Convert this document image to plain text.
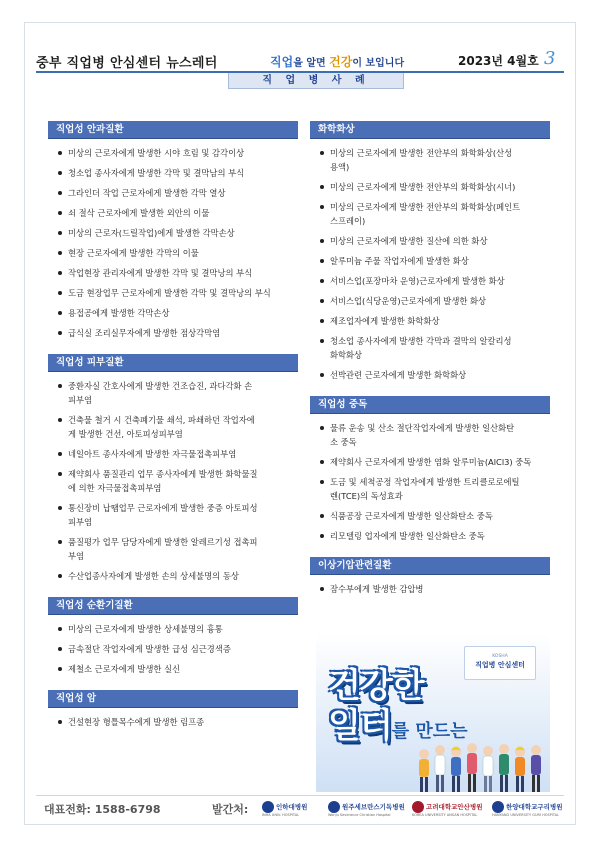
중부 직업병 안심센터 뉴스레터	직업을 알면 건강이 보입니다	2023년 4월호 3
직 업 병 사 례
직업성 안과질환
미상의 근로자에게 발생한 시야 흐림 및 감각이상
청소업 종사자에게 발생한 각막 및 결막남의 부식
그라인더 작업 근로자에게 발생한 각막 열상
쇠 절삭 근로자에게 발생한 외안의 이물
미상의 근로자(드릴작업)에게 발생한 각막손상
현장 근로자에게 발생한 각막의 이물
작업현장 관리자에게 발생한 각막 및 결막낭의 부식
도금 현장업무 근로자에게 발생한 각막 및 결막낭의 부식
용접공에게 발생한 각막손상
급식실 조리실무자에게 발생한 점상각막염
직업성 피부질환
중환자실 간호사에게 발생한 건조습진, 과다각화 손
피부염
건축물 철거 시 건축폐기물 쇄석, 파쇄하던 작업자에
게 발생한 건선, 아토피성피부염
네일아트 종사자에게 발생한 자극물접촉피부염
제약회사 품질관리 업무 종사자에게 발생한 화학물질
에 의한 자극물접촉피부염
통신장비 납땜업무 근로자에게 발생한 중증 아토피성
피부염
품질평가 업무 담당자에게 발생한 알레르기성 접촉피
부염
수산업종사자에게 발생한 손의 상세불명의 동상
직업성 순환기질환
미상의 근로자에게 발생한 상세불명의 흉통
금속절단 작업자에게 발생한 급성 심근경색증
제철소 근로자에게 발생한 실신
직업성 암
건설현장 형틀목수에게 발생한 림프종
화학화상
미상의 근로자에게 발생한 전안부의 화학화상(산성
용액)
미상의 근로자에게 발생한 전안부의 화학화상(시너)
미상의 근로자에게 발생한 전안부의 화학화상(페인트
스프레이)
미상의 근로자에게 발생한 질산에 의한 화상
알루미늄 주물 작업자에게 발생한 화상
서비스업(포장마차 운영)근로자에게 발생한 화상
서비스업(식당운영)근로자에게 발생한 화상
제조업자에게 발생한 화학화상
청소업 종사자에게 발생한 각막과 결막의 알칼리성
화학화상
선박관련 근로자에게 발생한 화학화상
직업성 중독
물류 운송 및 산소 절단작업자에게 발생한 일산화탄
소 중독
제약회사 근로자에게 발생한 염화 알루미늄(AlCl3) 중독
도금 및 세척공정 작업자에게 발생한 트리클로로에틸
렌(TCE)의 독성효과
식품공장 근로자에게 발생한 일산화탄소 중독
리모델링 업자에게 발생한 일산화탄소 중독
이상기압관련질환
잠수부에게 발생한 감압병
KOSHA
직업병 안심센터
건강한
일터를 만드는
대표전화: 1588-6798	발간처:	인하대병원
INHA UNIV. HOSPITAL
원주세브란스기독병원
Wonju Severance Christian Hospital
고려대학교안산병원
KOREA UNIVERSITY ANSAN HOSPITAL
한양대학교구리병원
HANYANG UNIVERSITY GURI HOSPITAL
